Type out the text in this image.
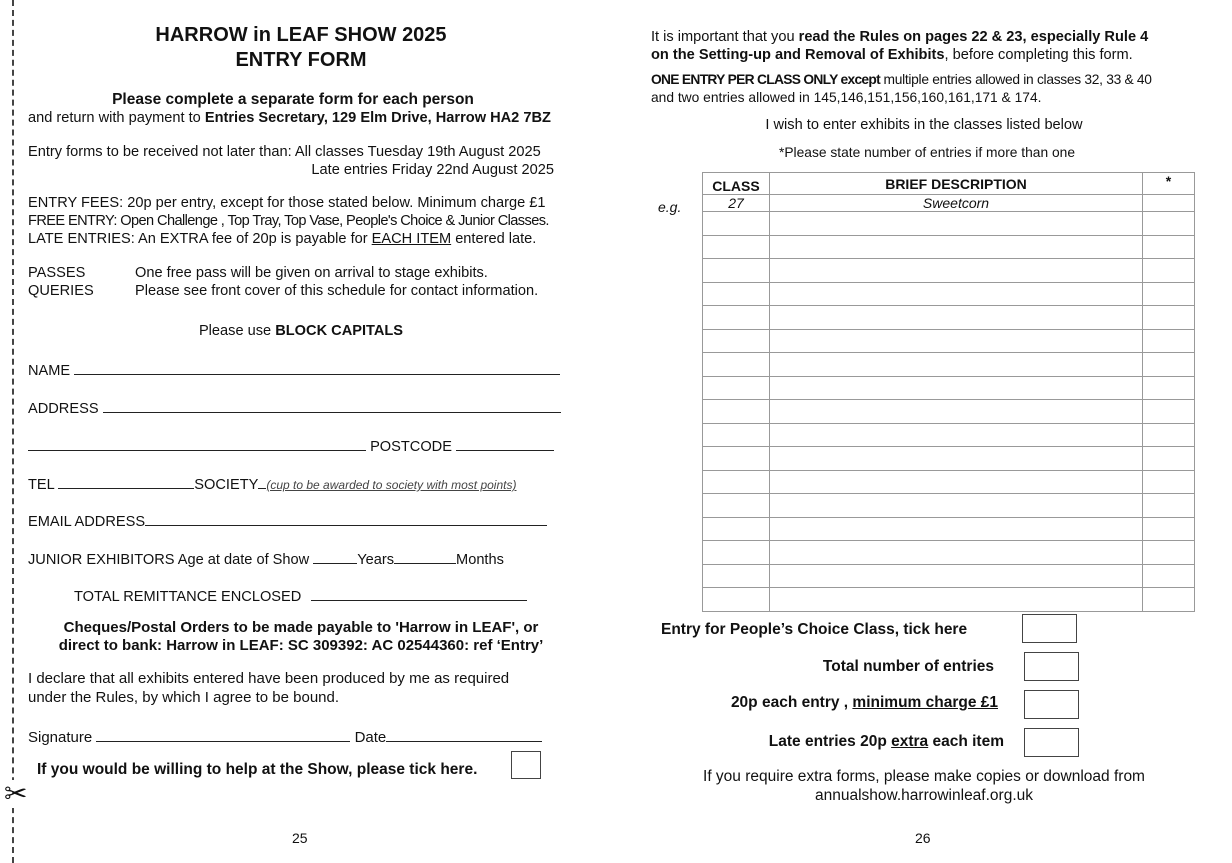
✂
HARROW in LEAF SHOW 2025
ENTRY FORM
Please complete a separate form for each person
and return with payment to Entries Secretary, 129 Elm Drive, Harrow HA2 7BZ
Entry forms to be received not later than: All classes Tuesday 19th August 2025
Late entries Friday 22nd August 2025
ENTRY FEES: 20p per entry, except for those stated below. Minimum charge £1
FREE ENTRY: Open Challenge , Top Tray, Top Vase, People's Choice & Junior Classes.
LATE ENTRIES: An EXTRA fee of 20p is payable for EACH ITEM entered late.
PASSES	One free pass will be given on arrival to stage exhibits.
QUERIES	Please see front cover of this schedule for contact information.
Please use BLOCK CAPITALS
NAME
ADDRESS
POSTCODE
TEL	SOCIETY (cup to be awarded to society with most points)
EMAIL ADDRESS
JUNIOR EXHIBITORS Age at date of Show	Years	Months
TOTAL REMITTANCE ENCLOSED
Cheques/Postal Orders to be made payable to 'Harrow in LEAF', or
direct to bank: Harrow in LEAF: SC 309392: AC 02544360: ref ‘Entry’
I declare that all exhibits entered have been produced by me as required
under the Rules, by which I agree to be bound.
Signature	Date
If you would be willing to help at the Show, please tick here.
25
It is important that you read the Rules on pages 22 & 23, especially Rule 4
on the Setting-up and Removal of Exhibits, before completing this form.
ONE ENTRY PER CLASS ONLY except multiple entries allowed in classes 32, 33 & 40
and two entries allowed in 145,146,151,156,160,161,171 & 174.
I wish to enter exhibits in the classes listed below
*Please state number of entries if more than one
e.g.
CLASS	BRIEF DESCRIPTION	*
27	Sweetcorn	

Entry for People’s Choice Class, tick here
Total number of entries
20p each entry , minimum charge £1
Late entries 20p extra each item
If you require extra forms, please make copies or download from
annualshow.harrowinleaf.org.uk
26
